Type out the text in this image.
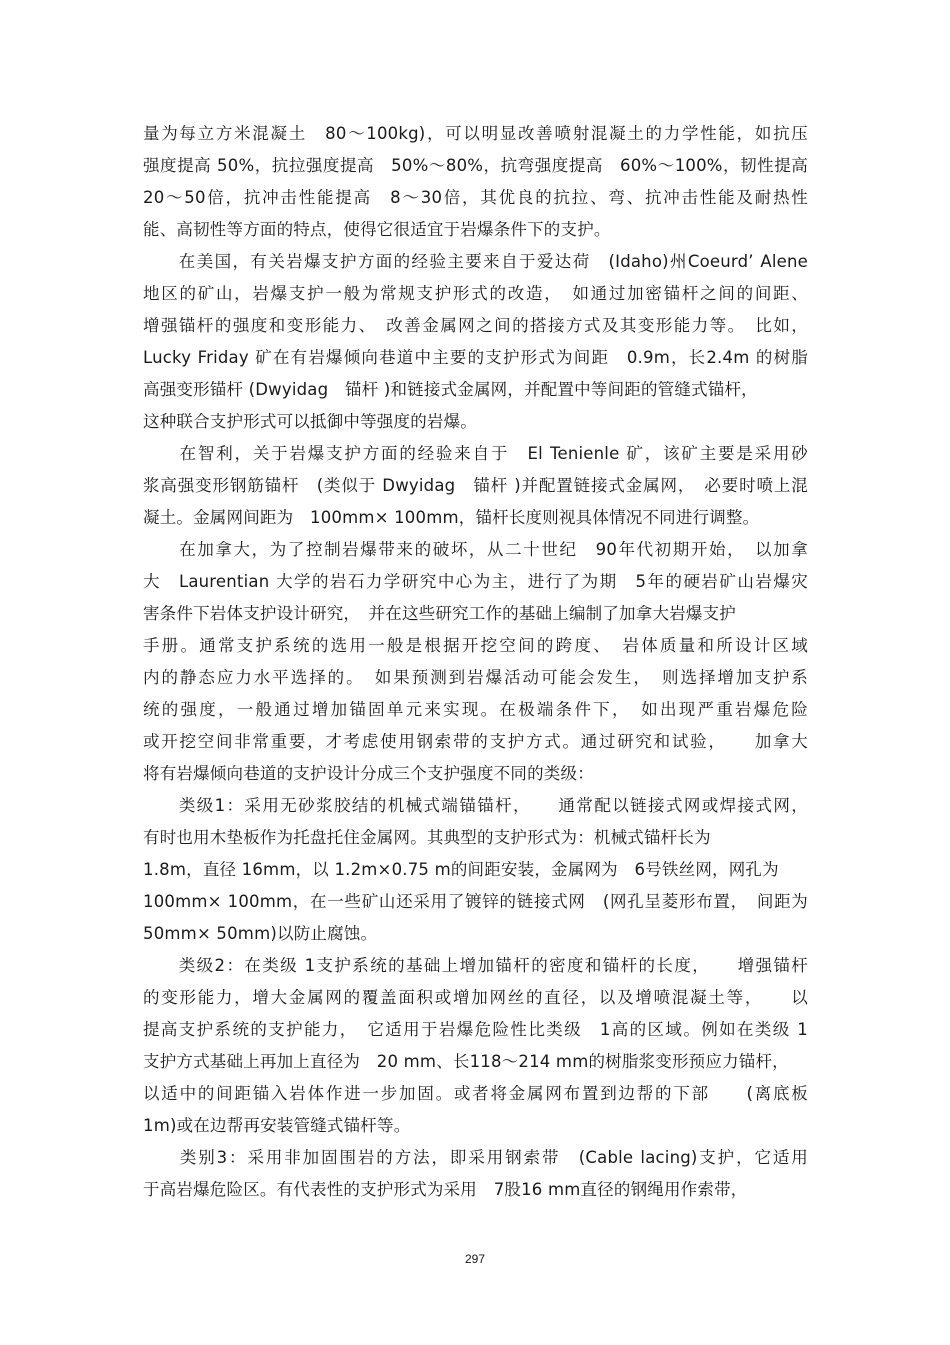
量为每立方米混凝土　80～100kg)，可以明显改善喷射混凝土的力学性能，如抗压
强度提高 50%，抗拉强度提高　50%～80%，抗弯强度提高　60%～100%，韧性提高
20～50倍，抗冲击性能提高　8～30倍，其优良的抗拉、弯、抗冲击性能及耐热性
能、高韧性等方面的特点，使得它很适宜于岩爆条件下的支护。

　　在美国，有关岩爆支护方面的经验主要来自于爱达荷　(Idaho)州Coeurd’ Alene
地区的矿山，岩爆支护一般为常规支护形式的改造，　如通过加密锚杆之间的间距、
增强锚杆的强度和变形能力、　改善金属网之间的搭接方式及其变形能力等。　比如，
Lucky Friday 矿在有岩爆倾向巷道中主要的支护形式为间距　0.9m，长2.4m 的树脂
高强变形锚杆 (Dwyidag　锚杆 )和链接式金属网，并配置中等间距的管缝式锚杆，
这种联合支护形式可以抵御中等强度的岩爆。

　　在智利，关于岩爆支护方面的经验来自于　El Tenienle 矿，该矿主要是采用砂
浆高强变形钢筋锚杆　(类似于 Dwyidag　锚杆 )并配置链接式金属网，　必要时喷上混
凝土。金属网间距为　100mm× 100mm，锚杆长度则视具体情况不同进行调整。

　　在加拿大，为了控制岩爆带来的破坏，从二十世纪　90年代初期开始，　以加拿
大　Laurentian 大学的岩石力学研究中心为主，进行了为期　5年的硬岩矿山岩爆灾
害条件下岩体支护设计研究，　并在这些研究工作的基础上编制了加拿大岩爆支护
手册。通常支护系统的选用一般是根据开挖空间的跨度、　岩体质量和所设计区域
内的静态应力水平选择的。　如果预测到岩爆活动可能会发生，　则选择增加支护系
统的强度，一般通过增加锚固单元来实现。在极端条件下，　如出现严重岩爆危险
或开挖空间非常重要，才考虑使用钢索带的支护方式。通过研究和试验，　　加拿大
将有岩爆倾向巷道的支护设计分成三个支护强度不同的类级：

　　类级1：采用无砂浆胶结的机械式端锚锚杆，　　通常配以链接式网或焊接式网，
有时也用木垫板作为托盘托住金属网。其典型的支护形式为：机械式锚杆长为
1.8m，直径 16mm，以 1.2m×0.75 m的间距安装，金属网为　6号铁丝网，网孔为
100mm× 100mm，在一些矿山还采用了镀锌的链接式网　(网孔呈菱形布置，　间距为
50mm× 50mm)以防止腐蚀。

　　类级2：在类级 1支护系统的基础上增加锚杆的密度和锚杆的长度，　　增强锚杆
的变形能力，增大金属网的覆盖面积或增加网丝的直径，以及增喷混凝土等，　　以
提高支护系统的支护能力，　它适用于岩爆危险性比类级　1高的区域。例如在类级 1
支护方式基础上再加上直径为　20 mm、长118～214 mm的树脂浆变形预应力锚杆，
以适中的间距锚入岩体作进一步加固。或者将金属网布置到边帮的下部　　(离底板
1m)或在边帮再安装管缝式锚杆等。

　　类别3：采用非加固围岩的方法，即采用钢索带　(Cable lacing)支护，它适用
于高岩爆危险区。有代表性的支护形式为采用　7股16 mm直径的钢绳用作索带，

297
